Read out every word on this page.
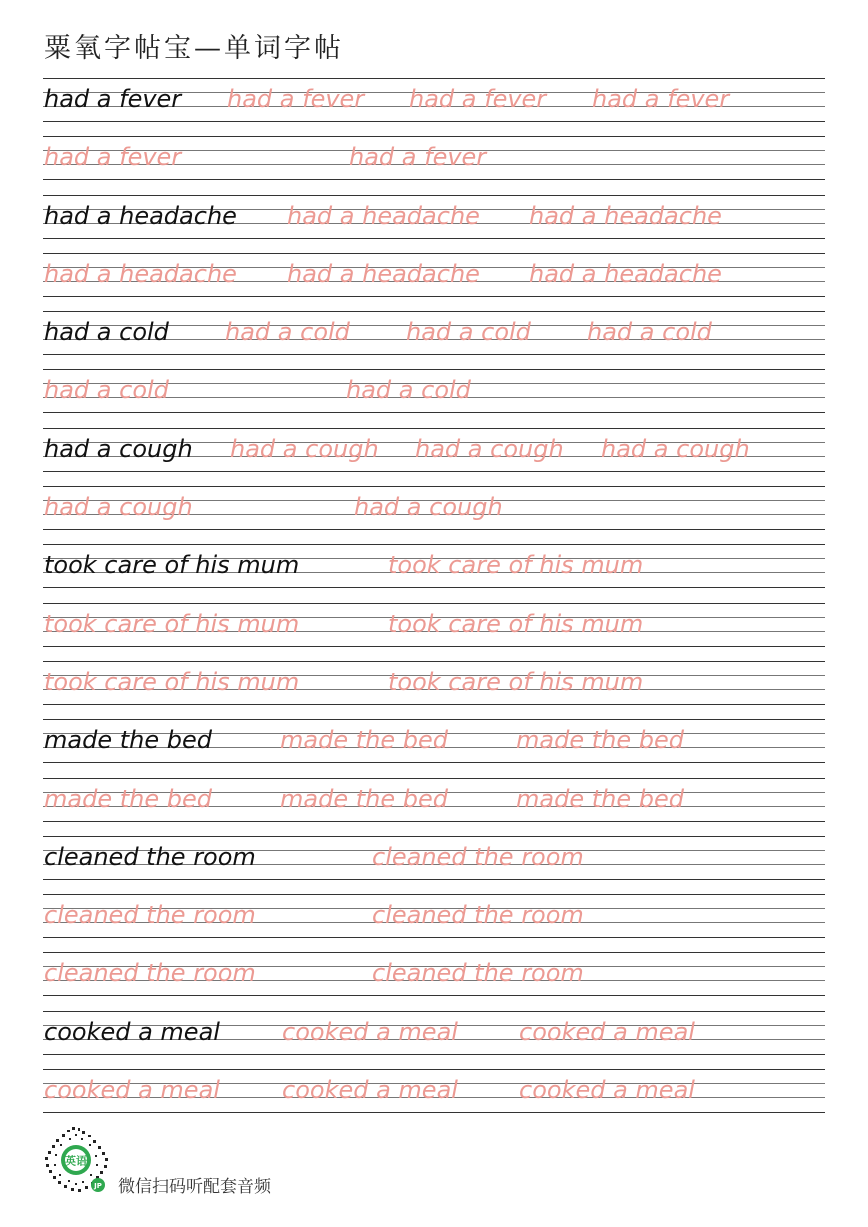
粟氧字帖宝—单词字帖
had a fever had a fever had a fever had a fever
had a fever	had a fever
had a headache had a headache had a headache
had a headache had a headache had a headache
had a cold had a cold had a cold had a cold
had a cold	had a cold
had a cough had a cough had a cough had a cough
had a cough	had a cough
took care of his mum	took care of his mum
took care of his mum	took care of his mum
took care of his mum	took care of his mum
made the bed	made the bed	made the bed
made the bed	made the bed	made the bed
cleaned the room	cleaned the room
cleaned the room	cleaned the room
cleaned the room	cleaned the room
cooked a meal	cooked a meal	cooked a meal
cooked a meal	cooked a meal	cooked a meal
英语
JP 微信扫码听配套音频
